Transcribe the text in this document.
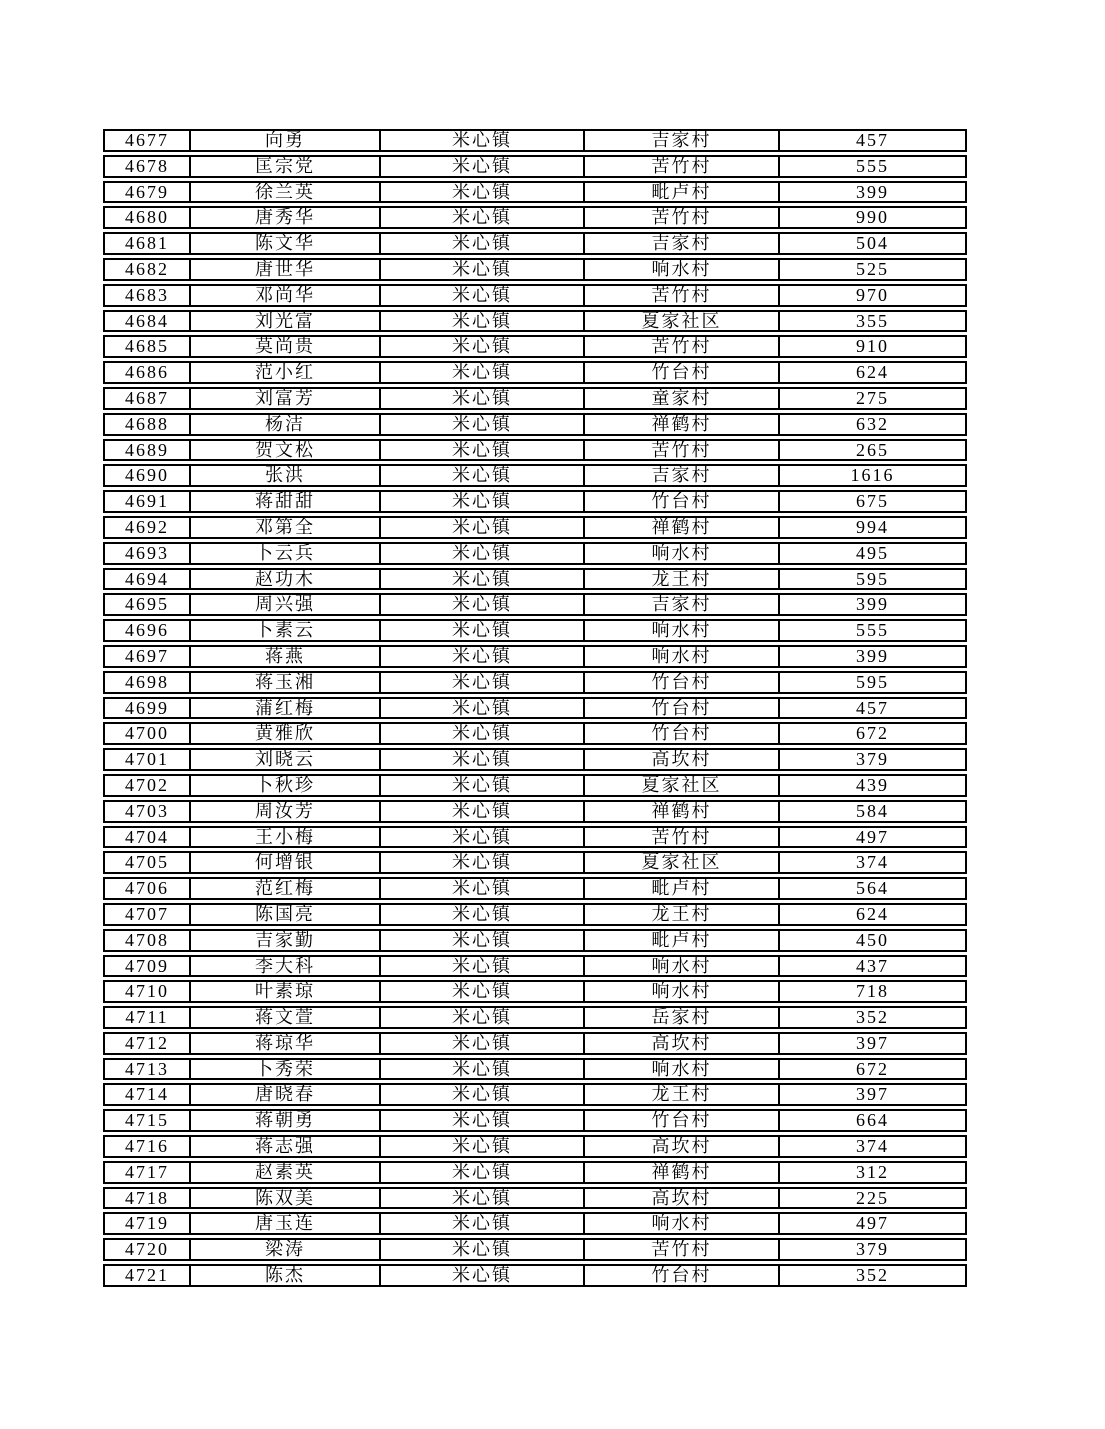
4677	向勇	米心镇	吉家村	457
4678	匡宗党	米心镇	苦竹村	555
4679	徐兰英	米心镇	毗卢村	399
4680	唐秀华	米心镇	苦竹村	990
4681	陈文华	米心镇	吉家村	504
4682	唐世华	米心镇	响水村	525
4683	邓尚华	米心镇	苦竹村	970
4684	刘光富	米心镇	夏家社区	355
4685	莫尚贵	米心镇	苦竹村	910
4686	范小红	米心镇	竹台村	624
4687	刘富芳	米心镇	童家村	275
4688	杨洁	米心镇	禅鹤村	632
4689	贺文松	米心镇	苦竹村	265
4690	张洪	米心镇	吉家村	1616
4691	蒋甜甜	米心镇	竹台村	675
4692	邓第全	米心镇	禅鹤村	994
4693	卜云兵	米心镇	响水村	495
4694	赵功木	米心镇	龙王村	595
4695	周兴强	米心镇	吉家村	399
4696	卜素云	米心镇	响水村	555
4697	蒋燕	米心镇	响水村	399
4698	蒋玉湘	米心镇	竹台村	595
4699	蒲红梅	米心镇	竹台村	457
4700	黄雅欣	米心镇	竹台村	672
4701	刘晓云	米心镇	高坎村	379
4702	卜秋珍	米心镇	夏家社区	439
4703	周汝芳	米心镇	禅鹤村	584
4704	王小梅	米心镇	苦竹村	497
4705	何增银	米心镇	夏家社区	374
4706	范红梅	米心镇	毗卢村	564
4707	陈国亮	米心镇	龙王村	624
4708	吉家勤	米心镇	毗卢村	450
4709	李大科	米心镇	响水村	437
4710	叶素琼	米心镇	响水村	718
4711	蒋文萱	米心镇	岳家村	352
4712	蒋琼华	米心镇	高坎村	397
4713	卜秀荣	米心镇	响水村	672
4714	唐晓春	米心镇	龙王村	397
4715	蒋朝勇	米心镇	竹台村	664
4716	蒋志强	米心镇	高坎村	374
4717	赵素英	米心镇	禅鹤村	312
4718	陈双美	米心镇	高坎村	225
4719	唐玉连	米心镇	响水村	497
4720	梁涛	米心镇	苦竹村	379
4721	陈杰	米心镇	竹台村	352
